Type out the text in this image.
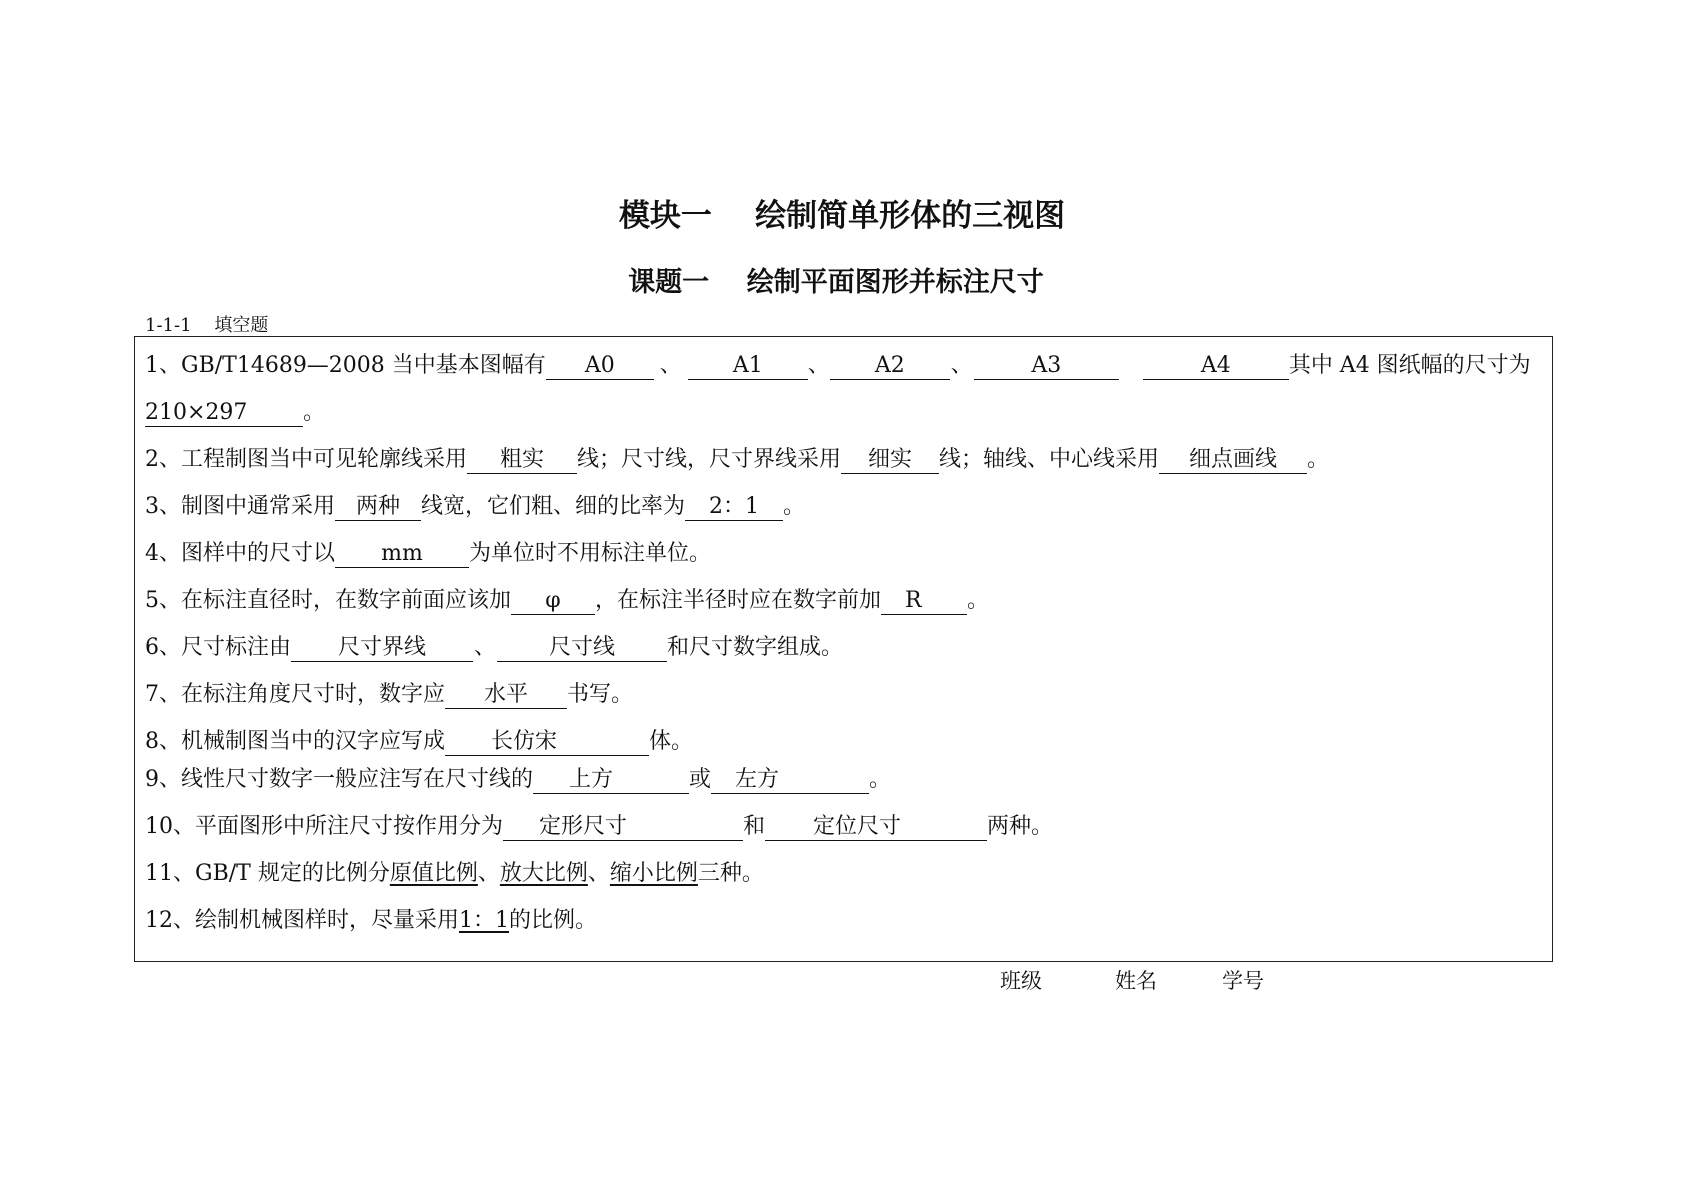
模块一    绘制简单形体的三视图
课题一    绘制平面图形并标注尺寸
1-1-1    填空题
1、GB/T14689—2008 当中基本图幅有 A0 、 A1 、 A2 、	A3	A4	其中 A4 图纸幅的尺寸为
210×297	。
2、工程制图当中可见轮廓线采用 粗实 线；尺寸线，尺寸界线采用 细实 线；轴线、中心线采用 细点画线 。
3、制图中通常采用 两种 线宽，它们粗、细的比率为 2：1 。
4、图样中的尺寸以 mm 为单位时不用标注单位。
5、在标注直径时，在数字前面应该加 φ ，在标注半径时应在数字前加 R 。
6、尺寸标注由 尺寸界线 、 尺寸线 和尺寸数字组成。
7、在标注角度尺寸时，数字应 水平 书写。
8、机械制图当中的汉字应写成 长仿宋	体。
9、线性尺寸数字一般应注写在尺寸线的 上方	或 左方	。
10、平面图形中所注尺寸按作用分为 定形尺寸	和 定位尺寸	两种。
11、GB/T 规定的比例分原值比例、放大比例、缩小比例三种。
12、绘制机械图样时，尽量采用1：1的比例。
班级	姓名	学号
